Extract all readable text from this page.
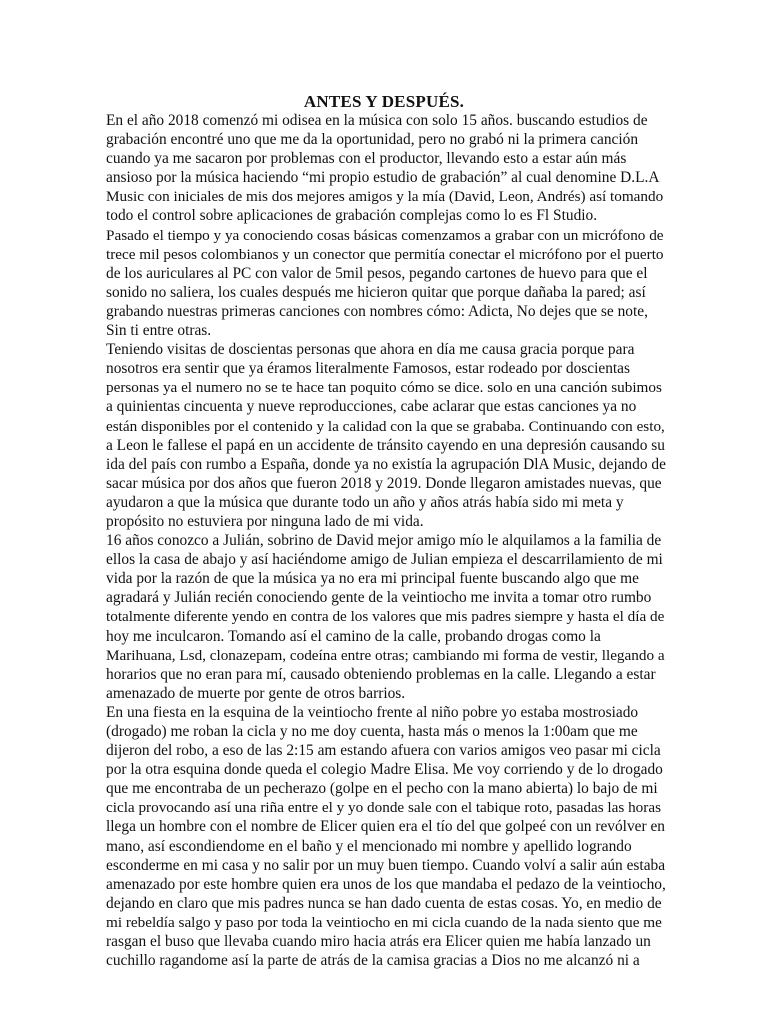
ANTES Y DESPUÉS.
En el año 2018 comenzó mi odisea en la música con solo 15 años. buscando estudios de
grabación encontré uno que me da la oportunidad, pero no grabó ni la primera canción
cuando ya me sacaron por problemas con el productor, llevando esto a estar aún más
ansioso por la música haciendo “mi propio estudio de grabación” al cual denomine D.L.A
Music con iniciales de mis dos mejores amigos y la mía (David, Leon, Andrés) así tomando
todo el control sobre aplicaciones de grabación complejas como lo es Fl Studio.
Pasado el tiempo y ya conociendo cosas básicas comenzamos a grabar con un micrófono de
trece mil pesos colombianos y un conector que permitía conectar el micrófono por el puerto
de los auriculares al PC con valor de 5mil pesos, pegando cartones de huevo para que el
sonido no saliera, los cuales después me hicieron quitar que porque dañaba la pared; así
grabando nuestras primeras canciones con nombres cómo: Adicta, No dejes que se note,
Sin ti entre otras.
Teniendo visitas de doscientas personas que ahora en día me causa gracia porque para
nosotros era sentir que ya éramos literalmente Famosos, estar rodeado por doscientas
personas ya el numero no se te hace tan poquito cómo se dice. solo en una canción subimos
a quinientas cincuenta y nueve reproducciones, cabe aclarar que estas canciones ya no
están disponibles por el contenido y la calidad con la que se grababa. Continuando con esto,
a Leon le fallese el papá en un accidente de tránsito cayendo en una depresión causando su
ida del país con rumbo a España, donde ya no existía la agrupación DlA Music, dejando de
sacar música por dos años que fueron 2018 y 2019. Donde llegaron amistades nuevas, que
ayudaron a que la música que durante todo un año y años atrás había sido mi meta y
propósito no estuviera por ninguna lado de mi vida.
16 años conozco a Julián, sobrino de David mejor amigo mío le alquilamos a la familia de
ellos la casa de abajo y así haciéndome amigo de Julian empieza el descarrilamiento de mi
vida por la razón de que la música ya no era mi principal fuente buscando algo que me
agradará y Julián recién conociendo gente de la veintiocho me invita a tomar otro rumbo
totalmente diferente yendo en contra de los valores que mis padres siempre y hasta el día de
hoy me inculcaron. Tomando así el camino de la calle, probando drogas como la
Marihuana, Lsd, clonazepam, codeína entre otras; cambiando mi forma de vestir, llegando a
horarios que no eran para mí, causado obteniendo problemas en la calle. Llegando a estar
amenazado de muerte por gente de otros barrios.
En una fiesta en la esquina de la veintiocho frente al niño pobre yo estaba mostrosiado
(drogado) me roban la cicla y no me doy cuenta, hasta más o menos la 1:00am que me
dijeron del robo, a eso de las 2:15 am estando afuera con varios amigos veo pasar mi cicla
por la otra esquina donde queda el colegio Madre Elisa. Me voy corriendo y de lo drogado
que me encontraba de un pecherazo (golpe en el pecho con la mano abierta) lo bajo de mi
cicla provocando así una riña entre el y yo donde sale con el tabique roto, pasadas las horas
llega un hombre con el nombre de Elicer quien era el tío del que golpeé con un revólver en
mano, así escondiendome en el baño y el mencionado mi nombre y apellido logrando
esconderme en mi casa y no salir por un muy buen tiempo. Cuando volví a salir aún estaba
amenazado por este hombre quien era unos de los que mandaba el pedazo de la veintiocho,
dejando en claro que mis padres nunca se han dado cuenta de estas cosas. Yo, en medio de
mi rebeldía salgo y paso por toda la veintiocho en mi cicla cuando de la nada siento que me
rasgan el buso que llevaba cuando miro hacia atrás era Elicer quien me había lanzado un
cuchillo ragandome así la parte de atrás de la camisa gracias a Dios no me alcanzó ni a
